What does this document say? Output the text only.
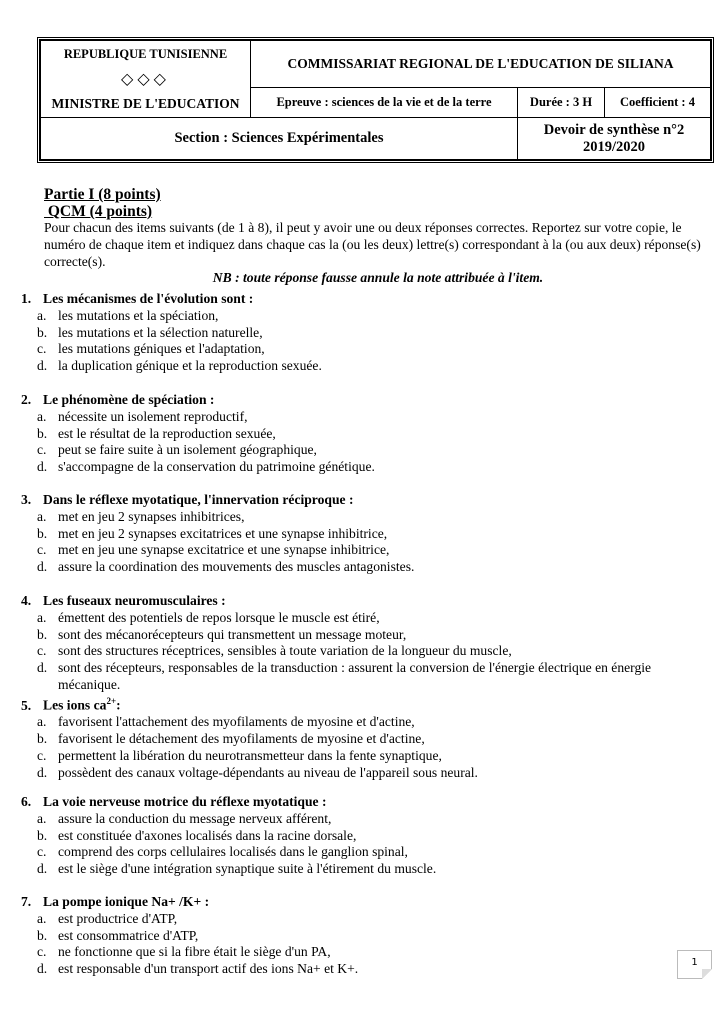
REPUBLIQUE TUNISIENNE
◇◇◇
MINISTRE DE L'EDUCATION	COMMISSARIAT REGIONAL DE L'EDUCATION DE SILIANA		
	Epreuve : sciences de la vie et de la terre	Durée : 3 H	Coefficient : 4
Section : Sciences Expérimentales		Devoir de synthèse n°2
2019/2020	
Partie I (8 points)
QCM (4 points)
Pour chacun des items suivants (de 1 à 8), il peut y avoir une ou deux réponses correctes. Reportez sur votre copie, le numéro de chaque item et indiquez dans chaque cas la (ou les deux) lettre(s) correspondant à la (ou aux deux) réponse(s) correcte(s).
NB : toute réponse fausse annule la note attribuée à l'item.
1. Les mécanismes de l'évolution sont :
a. les mutations et la spéciation,
b. les mutations et la sélection naturelle,
c. les mutations géniques et l'adaptation,
d. la duplication génique et la reproduction sexuée.
2. Le phénomène de spéciation :
a. nécessite un isolement reproductif,
b. est le résultat de la reproduction sexuée,
c. peut se faire suite à un isolement géographique,
d. s'accompagne de la conservation du patrimoine génétique.
3. Dans le réflexe myotatique, l'innervation réciproque :
a. met en jeu 2 synapses inhibitrices,
b. met en jeu 2 synapses excitatrices et une synapse inhibitrice,
c. met en jeu une synapse excitatrice et une synapse inhibitrice,
d. assure la coordination des mouvements des muscles antagonistes.
4. Les fuseaux neuromusculaires :
a. émettent des potentiels de repos lorsque le muscle est étiré,
b. sont des mécanorécepteurs qui transmettent un message moteur,
c. sont des structures réceptrices, sensibles à toute variation de la longueur du muscle,
d. sont des récepteurs, responsables de la transduction : assurent la conversion de l'énergie électrique en énergie mécanique.
5. Les ions $ca^{2+}$:
a. favorisent l'attachement des myofilaments de myosine et d'actine,
b. favorisent le détachement des myofilaments de myosine et d'actine,
c. permettent la libération du neurotransmetteur dans la fente synaptique,
d. possèdent des canaux voltage-dépendants au niveau de l'appareil sous neural.
6. La voie nerveuse motrice du réflexe myotatique :
a. assure la conduction du message nerveux afférent,
b. est constituée d'axones localisés dans la racine dorsale,
c. comprend des corps cellulaires localisés dans le ganglion spinal,
d. est le siège d'une intégration synaptique suite à l'étirement du muscle.
7. La pompe ionique Na+ /K+ :
a. est productrice d'ATP,
b. est consommatrice d'ATP,
c. ne fonctionne que si la fibre était le siège d'un PA,
d. est responsable d'un transport actif des ions Na+ et K+.	1
